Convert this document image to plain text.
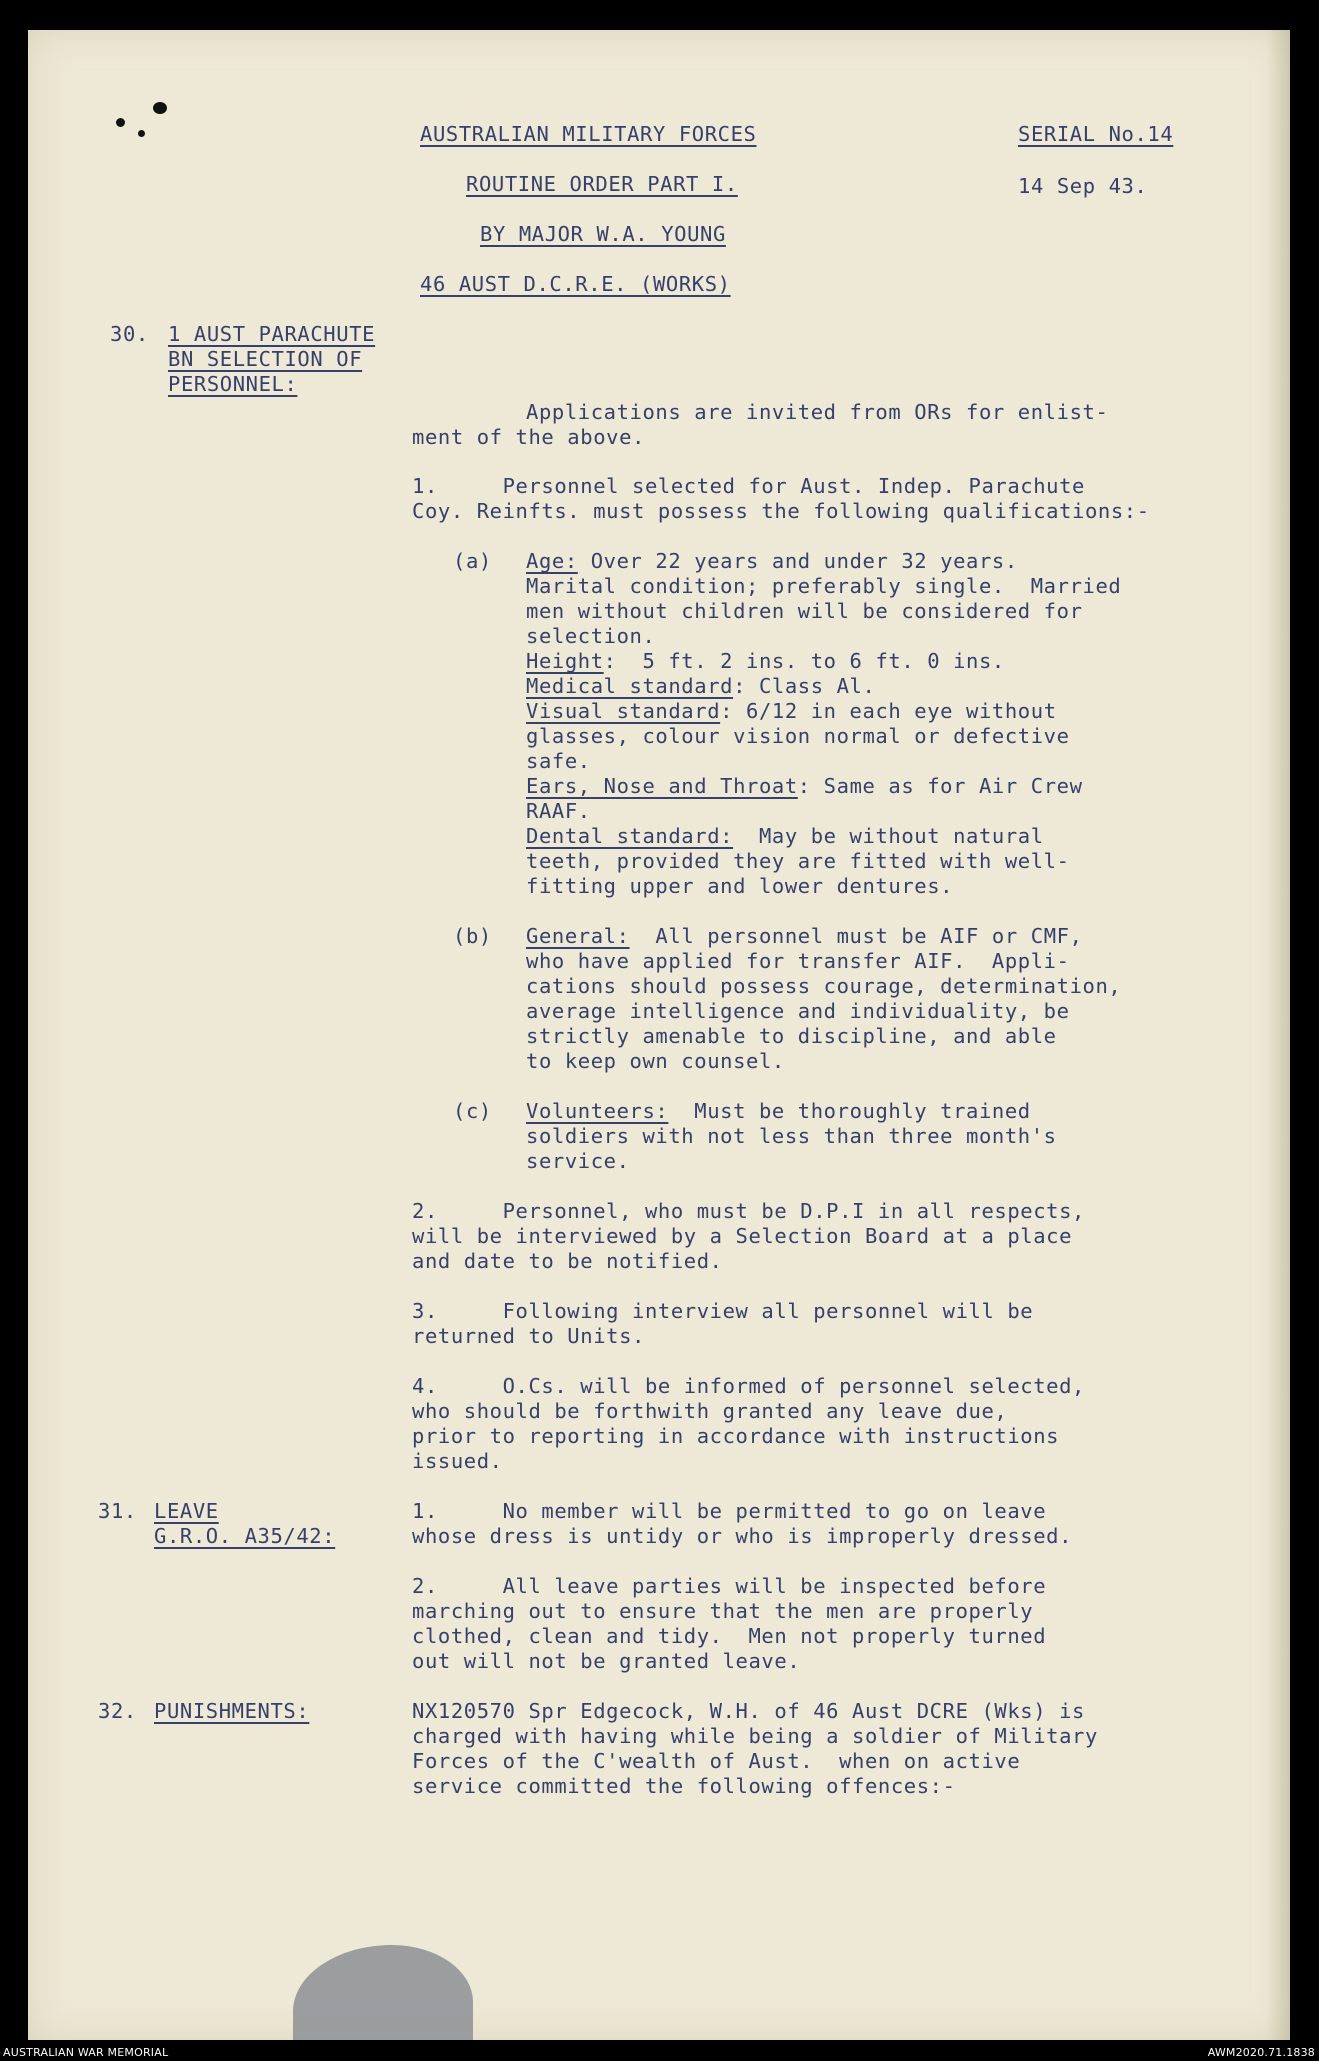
AUSTRALIAN MILITARY FORCES
ROUTINE ORDER PART I.
BY MAJOR W.A. YOUNG
46 AUST D.C.R.E. (WORKS)
SERIAL No.14
14 Sep 43.
30. 1 AUST PARACHUTE
BN SELECTION OF
PERSONNEL:
Applications are invited from ORs for enlist-
ment of the above.
1.     Personnel selected for Aust. Indep. Parachute
Coy. Reinfts. must possess the following qualifications:-
(a) Age: Over 22 years and under 32 years.
Marital condition; preferably single.  Married
men without children will be considered for
selection.
Height:  5 ft. 2 ins. to 6 ft. 0 ins.
Medical standard: Class Al.
Visual standard: 6/12 in each eye without
glasses, colour vision normal or defective
safe.
Ears, Nose and Throat: Same as for Air Crew
RAAF.
Dental standard:  May be without natural
teeth, provided they are fitted with well-
fitting upper and lower dentures.
(b) General:  All personnel must be AIF or CMF,
who have applied for transfer AIF.  Appli-
cations should possess courage, determination,
average intelligence and individuality, be
strictly amenable to discipline, and able
to keep own counsel.
(c) Volunteers:  Must be thoroughly trained
soldiers with not less than three month's
service.
2.     Personnel, who must be D.P.I in all respects,
will be interviewed by a Selection Board at a place
and date to be notified.
3.     Following interview all personnel will be
returned to Units.
4.     O.Cs. will be informed of personnel selected,
who should be forthwith granted any leave due,
prior to reporting in accordance with instructions
issued.
31. LEAVE
G.R.O. A35/42:
1.     No member will be permitted to go on leave
whose dress is untidy or who is improperly dressed.
2.     All leave parties will be inspected before
marching out to ensure that the men are properly
clothed, clean and tidy.  Men not properly turned
out will not be granted leave.
32. PUNISHMENTS:	NX120570 Spr Edgecock, W.H. of 46 Aust DCRE (Wks) is
charged with having while being a soldier of Military
Forces of the C'wealth of Aust.  when on active
service committed the following offences:-
AUSTRALIAN WAR MEMORIAL	AWM2020.71.1838
